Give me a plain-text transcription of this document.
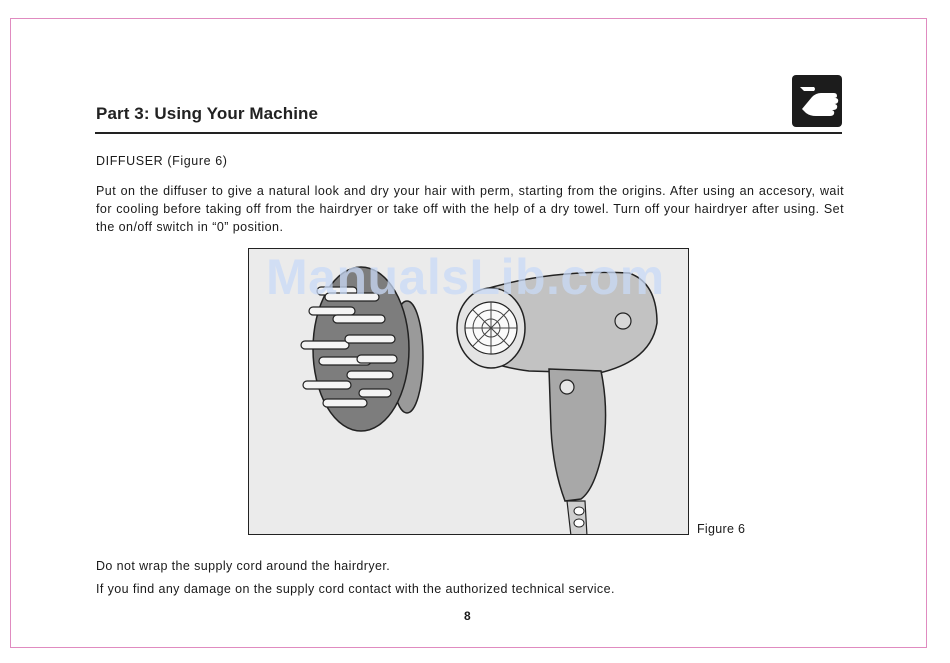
Part 3: Using Your Machine
DIFFUSER (Figure 6)
Put on the diffuser to give a natural look and dry your hair with perm, starting from the origins. After using an accesory, wait for cooling before taking off from the hairdryer or take off with the help of a dry towel. Turn off your hairdryer after using. Set the on/off switch in “0” position.
ManualsLib.com
Figure 6
Do not wrap the supply cord around the hairdryer.
If you find any damage on the supply cord contact with the authorized technical service.
8
